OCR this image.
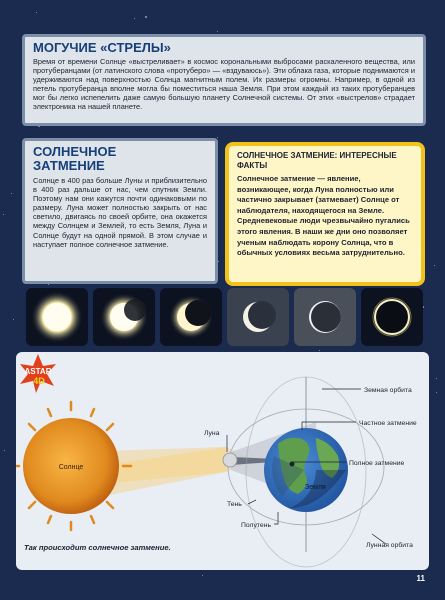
МОГУЧИЕ «СТРЕЛЫ»

Время от времени Солнце «выстреливает» в космос корональными выбросами раскаленного вещества, или протуберанцами (от латинского слова «протуберо» — «вздуваюсь»). Эти облака газа, которые поднимаются и удерживаются над поверхностью Солнца магнитным полем. Их размеры огромны. Например, в одной из петель протуберанца вполне могла бы поместиться наша Земля. При этом каждый из таких протуберанцев мог бы легко испепелить даже самую большую планету Солнечной системы. От этих «выстрелов» страдает электроника на нашей планете.

СОЛНЕЧНОЕ
ЗАТМЕНИЕ

Солнце в 400 раз больше Луны и приблизительно в 400 раз дальше от нас, чем спутник Земли. Поэтому нам они кажутся почти одинаковыми по размеру. Луна может полностью закрыть от нас светило, двигаясь по своей орбите, она окажется между Солнцем и Землей, то есть Земля, Луна и Солнце будут на одной прямой. В этом случае и наступает полное солнечное затмение.

СОЛНЕЧНОЕ ЗАТМЕНИЕ: ИНТЕРЕСНЫЕ
ФАКТЫ

Солнечное затмение — явление, возникающее, когда Луна полностью или частично закрывает (затмевает) Солнце от наблюдателя, находящегося на Земле. Средневековые люди чрезвычайно пугались этого явления. В наши же дни оно позволяет ученым наблюдать корону Солнца, что в обычных условиях весьма затруднительно.

Солнце
Земля
Луна
Земная орбита
Частное затмение
Полное затмение
Тень
Полутень
Лунная орбита
ASTAR
4D
Так происходит солнечное затмение.
11
